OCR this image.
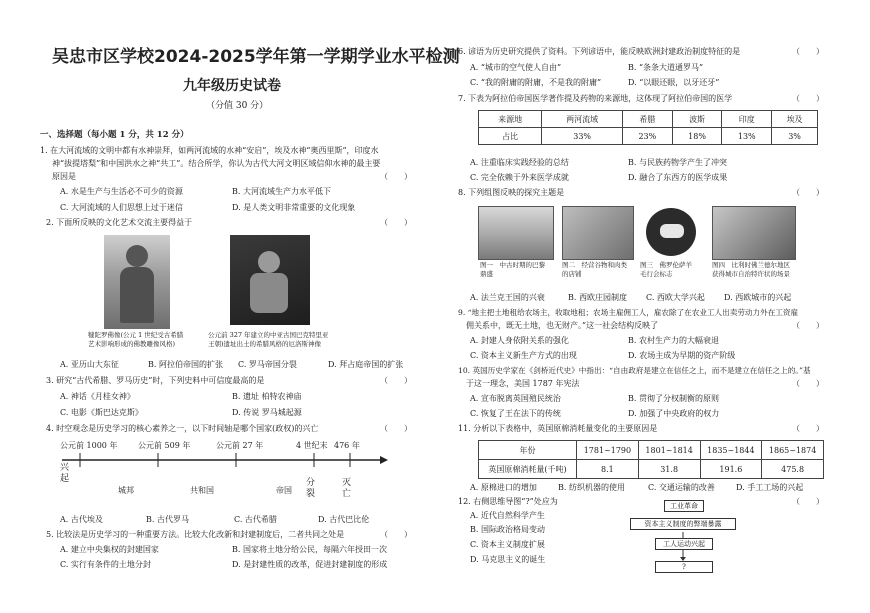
吴忠市区学校2024-2025学年第一学期学业水平检测
九年级历史试卷
（分值 30 分）
一、选择题（每小题 1 分，共 12 分）
1. 在大河流域的文明中都有水神崇拜，如两河流域的水神“安启”，埃及水神“奥西里斯”，印度水
神“拔提塔梨”和中国洪水之神“共工”。结合所学，你认为古代大河文明区域信仰水神的最主要
原因是	（　　）
A. 水是生产与生活必不可少的资源	B. 大河流域生产力水平低下
C. 大河流域的人们思想上过于迷信	D. 是人类文明非常重要的文化现象
2. 下面所反映的文化艺术交流主要得益于	（　　）
犍陀罗佛像(公元 1 世纪受古希腊
艺术影响形成的佛教雕像风格)
公元前 327 年建立的中亚古国巴克特里亚
王朝)遗址出土的希腊风格的厄洛斯神像
A. 亚历山大东征	B. 阿拉伯帝国的扩张 C. 罗马帝国分裂	D. 拜占庭帝国的扩张
3. 研究“古代希腊、罗马历史”时，下列史料中可信度最高的是	（　　）
A. 神话《月桂女神》	B. 遗址 柏特农神庙
C. 电影《斯巴达克斯》	D. 传说 罗马城起源
4. 时空观念是历史学习的核心素养之一，以下时间轴是哪个国家(政权)的兴亡	（　　）
公元前 1000 年	公元前 509 年	公元前 27 年	4 世纪末 476 年
兴起
城邦	共和国	帝国
分裂
灭亡
A. 古代埃及	B. 古代罗马	C. 古代希腊	D. 古代巴比伦
5. 比较法是历史学习的一种重要方法。比较大化改新和封建制度后，二者共同之处是	（　　）
A. 建立中央集权的封建国家	B. 国家将土地分给公民，每隔六年授田一次
C. 实行有条件的土地分封	D. 是封建性质的改革，促进封建制度的形成
6. 谚语为历史研究提供了资料。下列谚语中，能反映欧洲封建政治制度特征的是	（　　）
A. “城市的空气使人自由”	B. “条条大道通罗马”
C. “我的附庸的附庸，不是我的附庸”	D. “以眼还眼，以牙还牙”
7. 下表为阿拉伯帝国医学著作提及药物的来源地，这体现了阿拉伯帝国的医学	（　　）
来源地	两河流域	希腊	波斯	印度	埃及
占比	33%	23%	18%	13%	3%
A. 注重临床实践经验的总结	B. 与民族药物学产生了冲突
C. 完全依赖于外来医学成就	D. 融合了东西方的医学成果
8. 下列组图反映的探究主题是	（　　）
图一　中古时期的巴黎
鼎盛
图二　经营谷物和肉类
的店铺
图三　佛罗伦萨羊
毛行会标志
图四　比利时佛兰德尔地区
获得城市自治特许状的场景
A. 法兰克王国的兴衰	B. 西欧庄园制度 C. 西欧大学兴起 D. 西欧城市的兴起
9. “地主把土地租给农场主，收取地租；农场主雇佣工人，雇农除了在农业工人出卖劳动力外在工资雇
佣关系中，既无土地，也无财产。”这一社会结构反映了	（　　）
A. 封建人身依附关系的强化	B. 农村生产力的大幅衰退
C. 资本主义新生产方式的出现	D. 农场主成为早期的资产阶级
10. 英国历史学家在《剑桥近代史》中指出：“自由政府是建立在信任之上，而不是建立在信任之上的。”基
于这一理念，美国 1787 年宪法	（　　）
A. 宣布脱离英国殖民统治	B. 贯彻了分权制衡的原则
C. 恢复了王在法下的传统	D. 加强了中央政府的权力
11. 分析以下表格中，英国原棉消耗量变化的主要原因是	（　　）
年份	1781~1790	1801~1814	1835~1844	1865~1874
英国原棉消耗量(千吨)	8.1	31.8	191.6	475.8
A. 原棉进口的增加	B. 纺织机器的使用	C. 交通运输的改善	D. 手工工场的兴起
12. 右侧思维导图“?”处应为	（　　）
A. 近代自然科学产生
B. 国际政治格局变动
C. 资本主义制度扩展
D. 马克思主义的诞生
工业革命
资本主义制度的弊端暴露
工人运动兴起
?
